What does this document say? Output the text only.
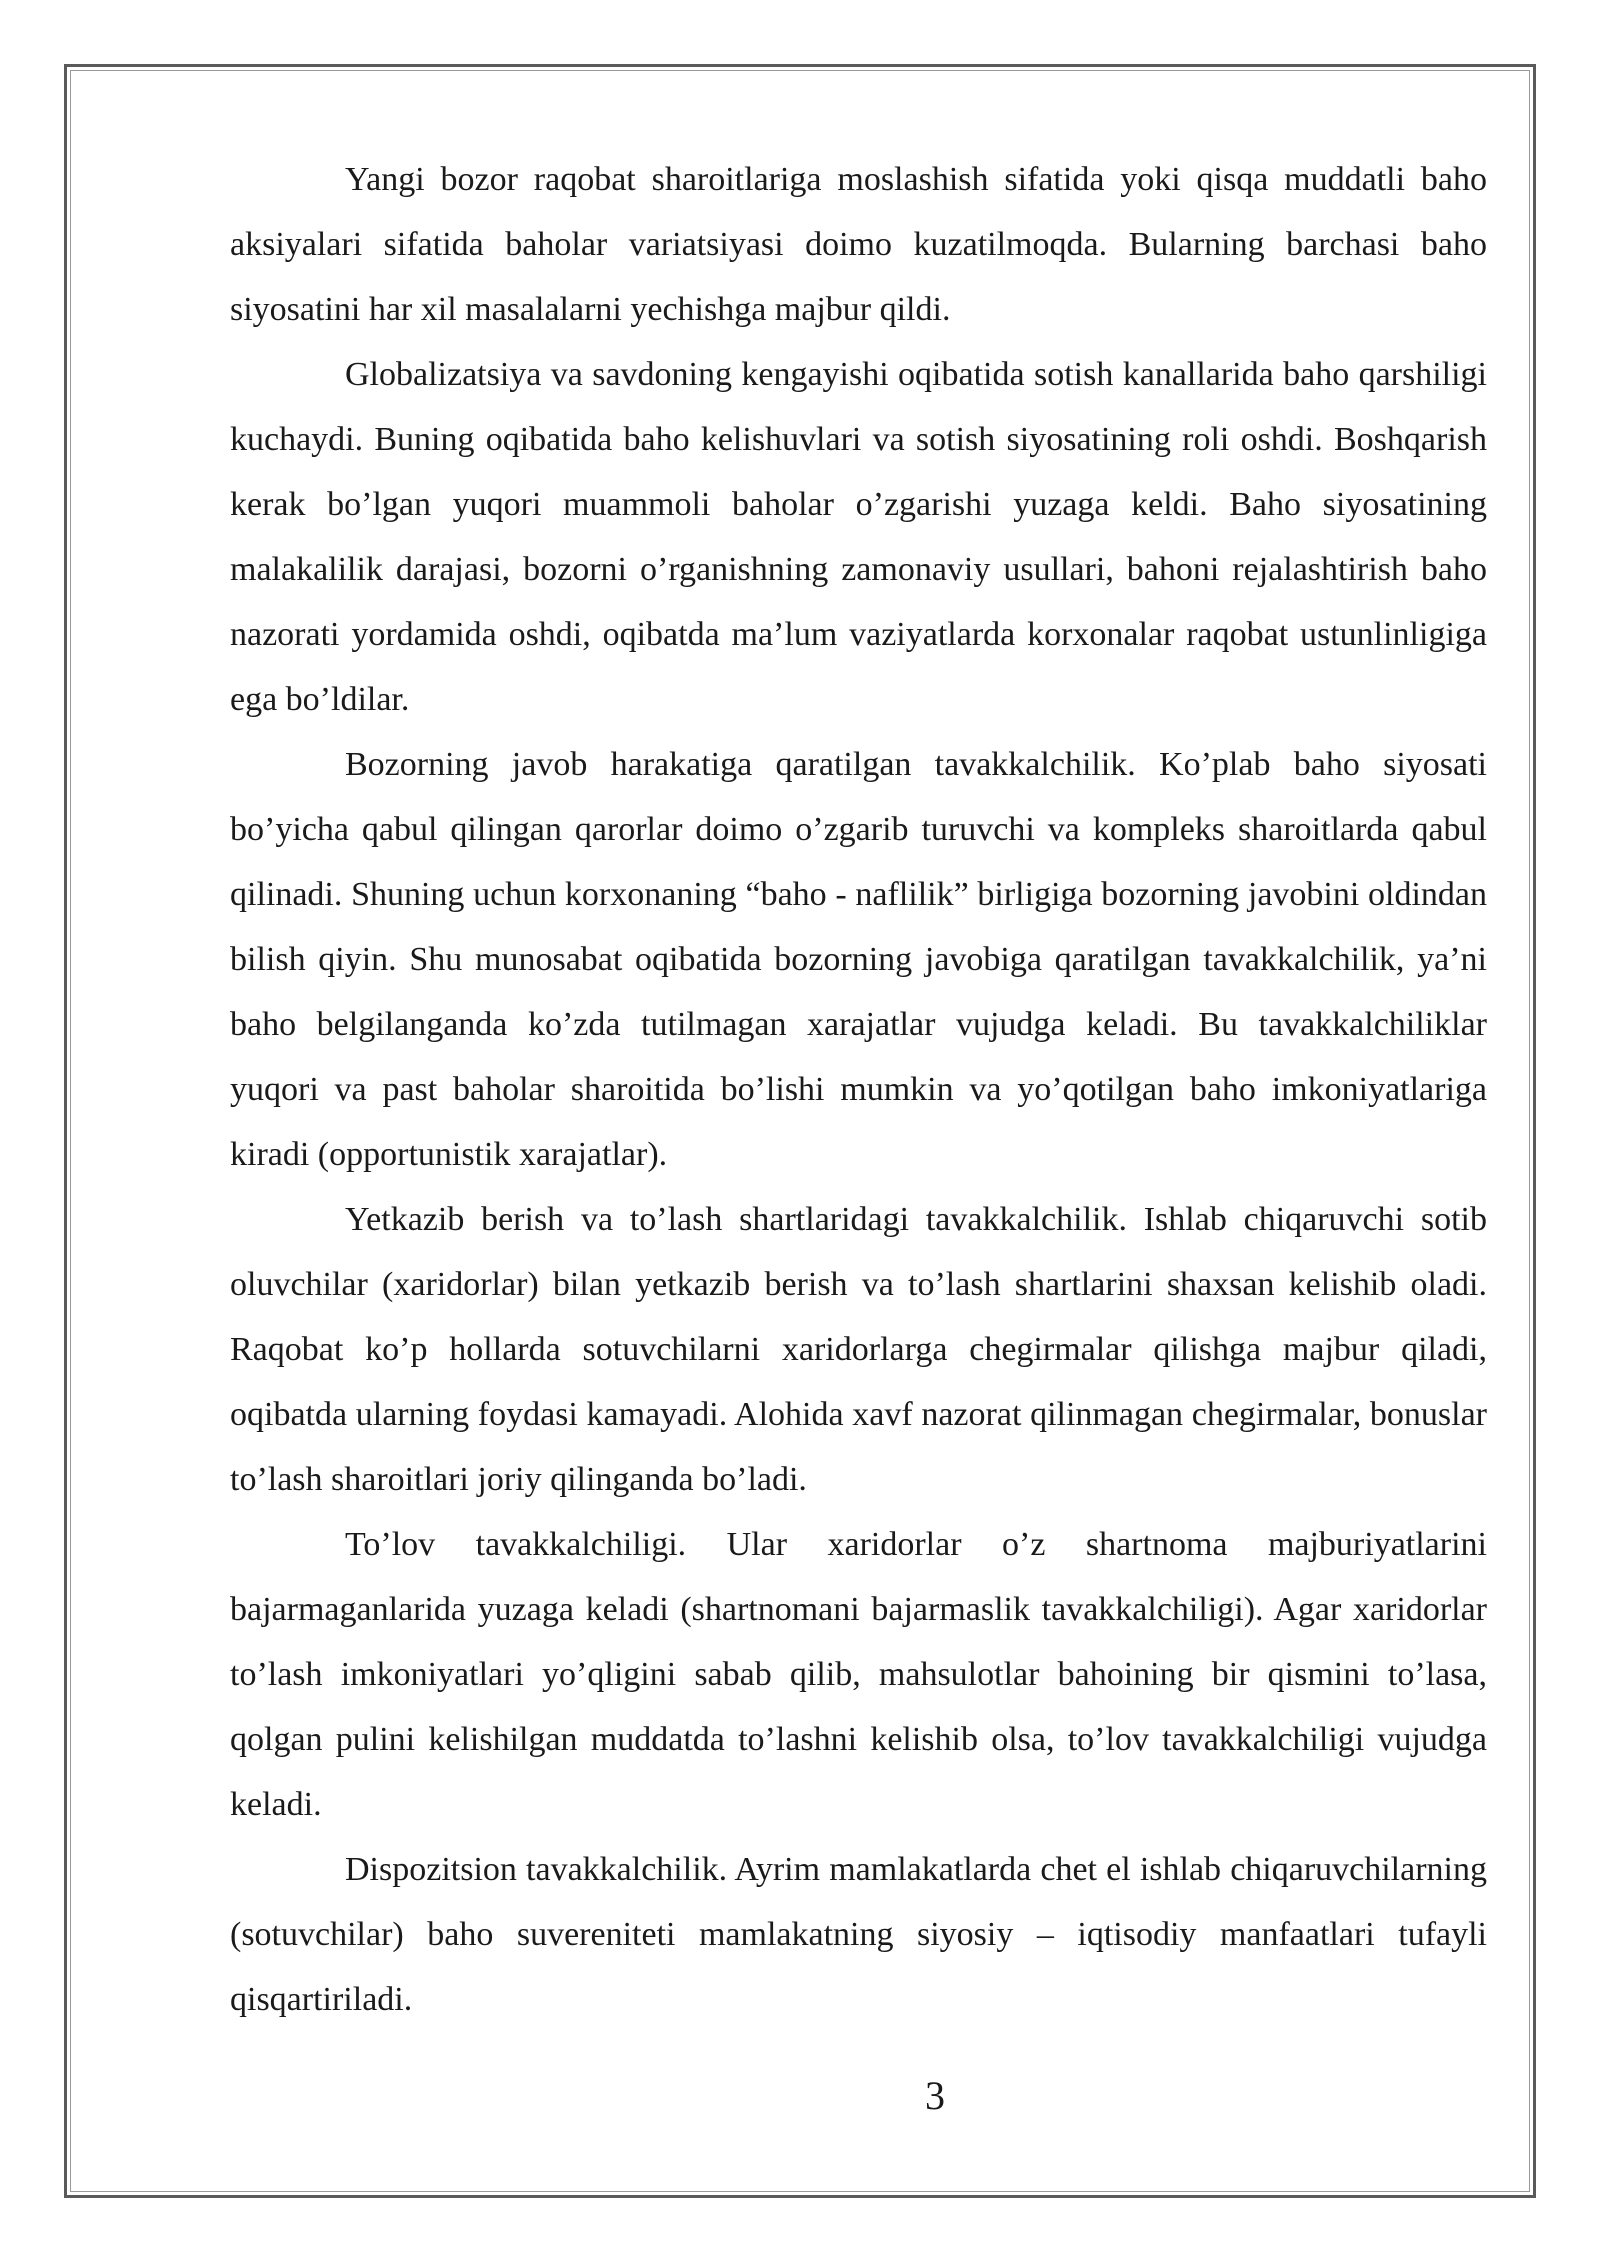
Yangi bozor raqobat sharoitlariga moslashish sifatida yoki qisqa muddatli baho aksiyalari sifatida baholar variatsiyasi doimo kuzatilmoqda. Bularning barchasi baho siyosatini har xil masalalarni yechishga majbur qildi.

Globalizatsiya va savdoning kengayishi oqibatida sotish kanallarida baho qarshiligi kuchaydi. Buning oqibatida baho kelishuvlari va sotish siyosatining roli oshdi. Boshqarish kerak bo’lgan yuqori muammoli baholar o’zgarishi yuzaga keldi. Baho siyosatining malakalilik darajasi, bozorni o’rganishning zamonaviy usullari, bahoni rejalashtirish baho nazorati yordamida oshdi, oqibatda ma’lum vaziyatlarda korxonalar raqobat ustunlinligiga ega bo’ldilar.

Bozorning javob harakatiga qaratilgan tavakkalchilik. Ko’plab baho siyosati bo’yicha qabul qilingan qarorlar doimo o’zgarib turuvchi va kompleks sharoitlarda qabul qilinadi. Shuning uchun korxonaning “baho - naflilik” birligiga bozorning javobini oldindan bilish qiyin. Shu munosabat oqibatida bozorning javobiga qaratilgan tavakkalchilik, ya’ni baho belgilanganda ko’zda tutilmagan xarajatlar vujudga keladi. Bu tavakkalchiliklar yuqori va past baholar sharoitida bo’lishi mumkin va yo’qotilgan baho imkoniyatlariga kiradi (opportunistik xarajatlar).

Yetkazib berish va to’lash shartlaridagi tavakkalchilik. Ishlab chiqaruvchi sotib oluvchilar (xaridorlar) bilan yetkazib berish va to’lash shartlarini shaxsan kelishib oladi. Raqobat ko’p hollarda sotuvchilarni xaridorlarga chegirmalar qilishga majbur qiladi, oqibatda ularning foydasi kamayadi. Alohida xavf nazorat qilinmagan chegirmalar, bonuslar to’lash sharoitlari joriy qilinganda bo’ladi.

To’lov tavakkalchiligi. Ular xaridorlar o’z shartnoma majburiyatlarini bajarmaganlarida yuzaga keladi (shartnomani bajarmaslik tavakkalchiligi). Agar xaridorlar to’lash imkoniyatlari yo’qligini sabab qilib, mahsulotlar bahoining bir qismini to’lasa, qolgan pulini kelishilgan muddatda to’lashni kelishib olsa, to’lov tavakkalchiligi vujudga keladi.

Dispozitsion tavakkalchilik. Ayrim mamlakatlarda chet el ishlab chiqaruvchilarning (sotuvchilar) baho suvereniteti mamlakatning siyosiy – iqtisodiy manfaatlari tufayli qisqartiriladi.

3
